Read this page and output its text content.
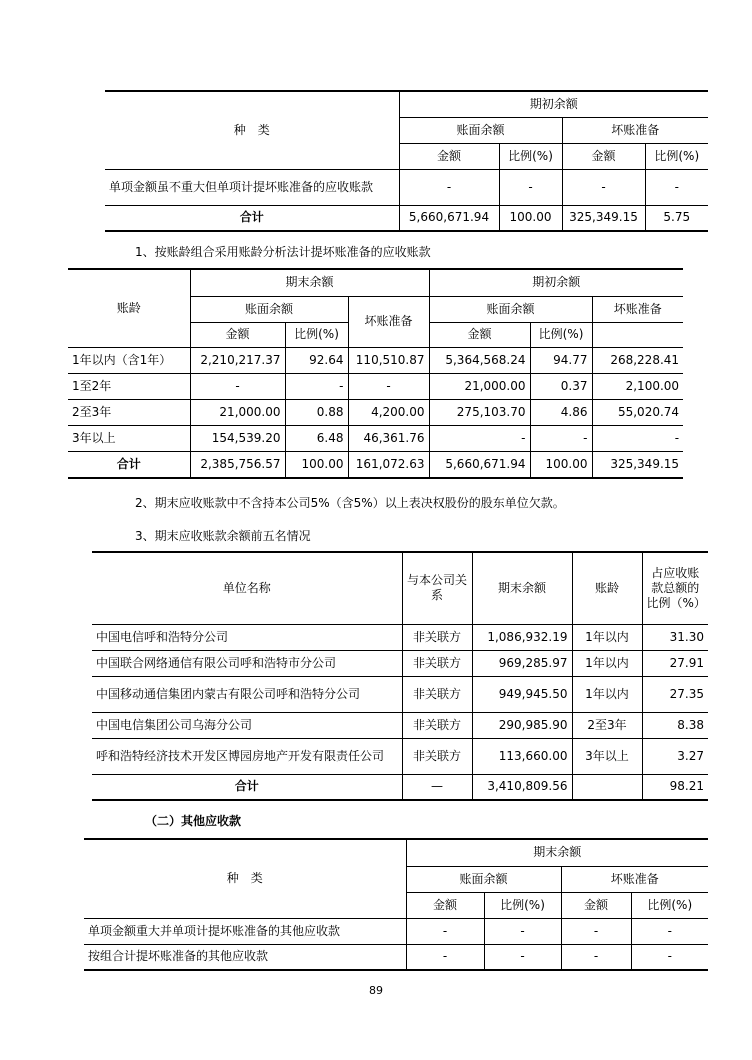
种　类	期初余额			
	账面余额		坏账准备	
	金额	比例(%)	金额	比例(%)
单项金额虽不重大但单项计提坏账准备的应收账款	-	-	-	-
合计	5,660,671.94	100.00	325,349.15	5.75
1、按账龄组合采用账龄分析法计提坏账准备的应收账款
账龄	期末余额			期初余额		
	账面余额		坏账准备	账面余额		坏账准备
	金额	比例(%)		金额	比例(%)	
1年以内（含1年）	2,210,217.37	92.64	110,510.87	5,364,568.24	94.77	268,228.41
1至2年	-	-	-	21,000.00	0.37	2,100.00
2至3年	21,000.00	0.88	4,200.00	275,103.70	4.86	55,020.74
3年以上	154,539.20	6.48	46,361.76	-	-	-
合计	2,385,756.57	100.00	161,072.63	5,660,671.94	100.00	325,349.15
2、期末应收账款中不含持本公司5%（含5%）以上表决权股份的股东单位欠款。
3、期末应收账款余额前五名情况
单位名称	与本公司关系	期末余额	账龄	占应收账款总额的比例（%）
中国电信呼和浩特分公司	非关联方	1,086,932.19	1年以内	31.30
中国联合网络通信有限公司呼和浩特市分公司	非关联方	969,285.97	1年以内	27.91
中国移动通信集团内蒙古有限公司呼和浩特分公司	非关联方	949,945.50	1年以内	27.35
中国电信集团公司乌海分公司	非关联方	290,985.90	2至3年	8.38
呼和浩特经济技术开发区博园房地产开发有限责任公司	非关联方	113,660.00	3年以上	3.27
合计	—	3,410,809.56		98.21
（二）其他应收款
种　类	期末余额			
	账面余额		坏账准备	
	金额	比例(%)	金额	比例(%)
单项金额重大并单项计提坏账准备的其他应收款	-	-	-	-
按组合计提坏账准备的其他应收款	-	-	-	-
89
